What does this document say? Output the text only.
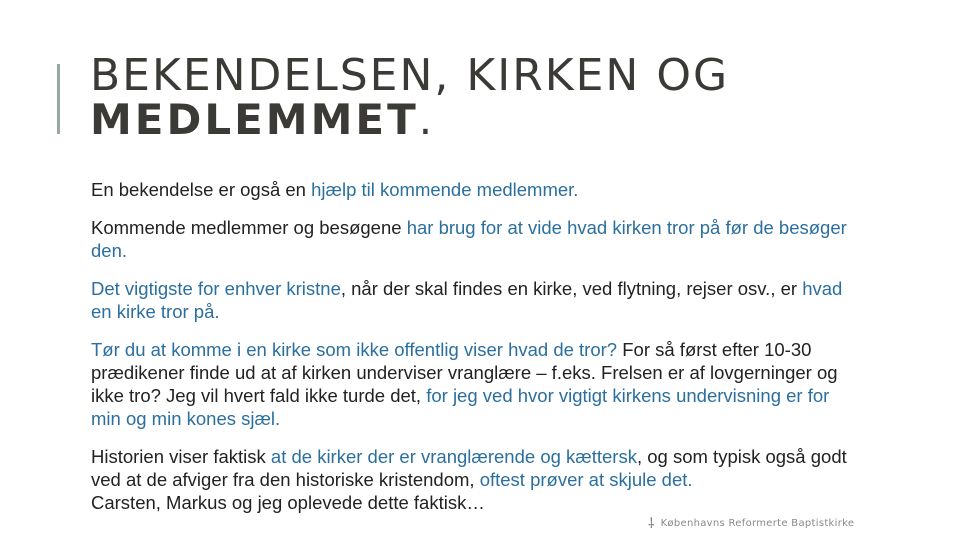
BEKENDELSEN, KIRKEN OG
MEDLEMMET.

En bekendelse er også en hjælp til kommende medlemmer.

Kommende medlemmer og besøgene har brug for at vide hvad kirken tror på før de besøger den.

Det vigtigste for enhver kristne, når der skal findes en kirke, ved flytning, rejser osv., er hvad en kirke tror på.

Tør du at komme i en kirke som ikke offentlig viser hvad de tror? For så først efter 10-30 prædikener finde ud at af kirken underviser vranglære – f.eks. Frelsen er af lovgerninger og ikke tro? Jeg vil hvert fald ikke turde det, for jeg ved hvor vigtigt kirkens undervisning er for min og min kones sjæl.

Historien viser faktisk at de kirker der er vranglærende og kættersk, og som typisk også godt ved at de afviger fra den historiske kristendom, oftest prøver at skjule det.

Carsten, Markus og jeg oplevede dette faktisk…

⸸ Københavns Reformerte Baptistkirke
